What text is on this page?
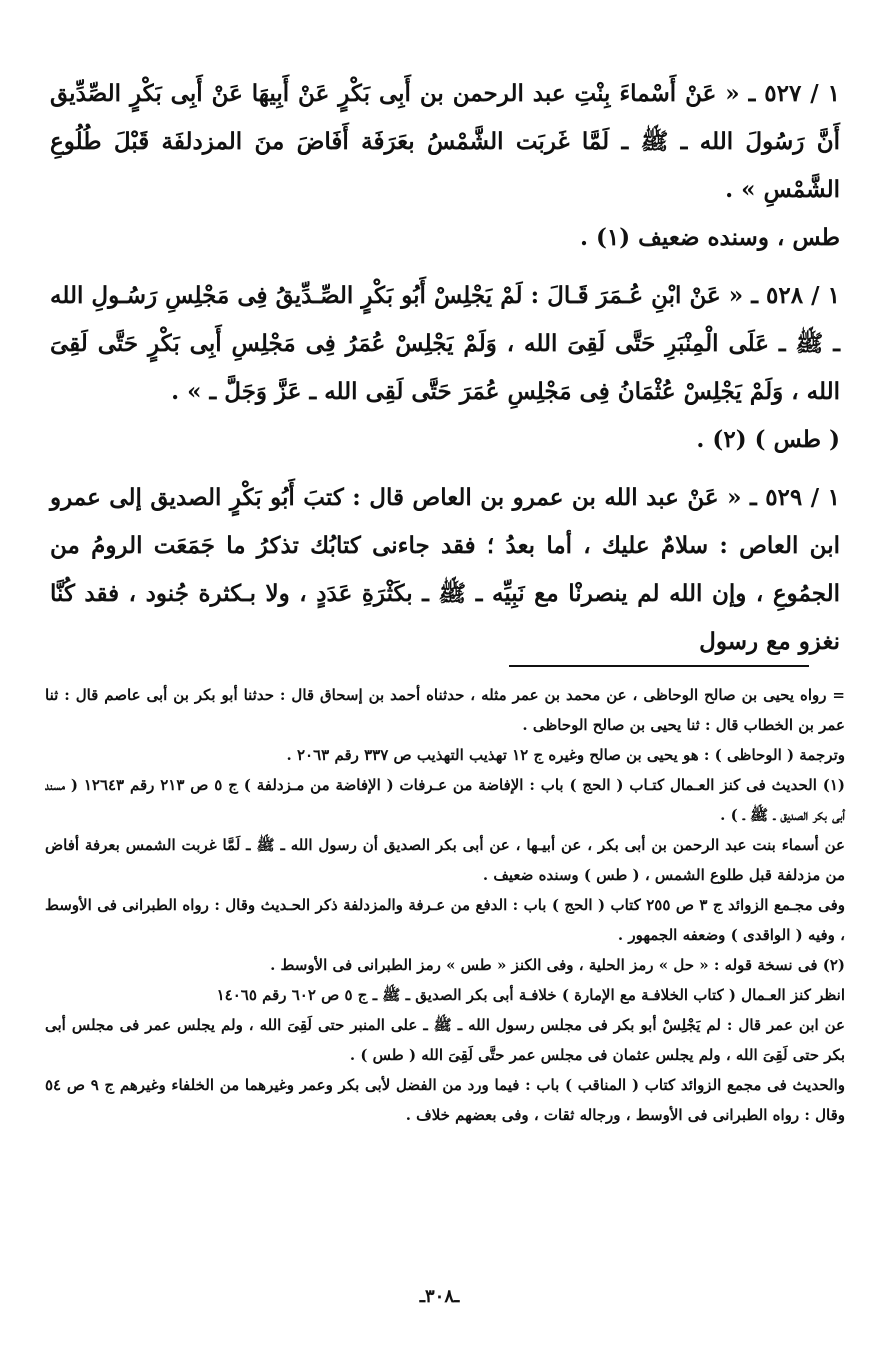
١ / ٥٢٧ ـ « عَنْ أَسْماءَ بِنْتِ عبد الرحمن بن أَبِى بَكْرٍ عَنْ أَبِيهَا عَنْ أَبِى بَكْرٍ الصِّدِّيق أَنَّ رَسُولَ الله ـ ﷺ ـ لَمَّا غَربَت الشَّمْسُ بعَرَفَة أَفَاضَ منَ المزدلفَة قَبْلَ طُلُوعِ الشَّمْسِ » .
طس ، وسنده ضعيف (١) .

١ / ٥٢٨ ـ « عَنْ ابْنِ عُـمَرَ قَـالَ : لَمْ يَجْلِسْ أَبُو بَكْرٍ الصِّـدِّيقُ فِى مَجْلِسِ رَسُـولِ الله ـ ﷺ ـ عَلَى الْمِنْبَرِ حَتَّى لَقِىَ الله ، وَلَمْ يَجْلِسْ عُمَرُ فِى مَجْلِسِ أَبِى بَكْرٍ حَتَّى لَقِىَ الله ، وَلَمْ يَجْلِسْ عُثْمَانُ فِى مَجْلِسِ عُمَرَ حَتَّى لَقِى الله ـ عَزَّ وَجَلَّ ـ » .
( طس ) (٢) .

١ / ٥٢٩ ـ « عَنْ عبد الله بن عمرو بن العاص قال : كتبَ أَبُو بَكْرٍ الصديق إلى عمرو ابن العاص : سلامٌ عليك ، أما بعدُ ؛ فقد جاءنى كتابُك تذكرُ ما جَمَعَت الرومُ من الجمُوعِ ، وإن الله لم ينصرنْا مع نَبِيِّه ـ ﷺ ـ بكَثْرَةِ عَدَدٍ ، ولا بـكثرة جُنود ، فقد كُنَّا نغزو مع رسول

= رواه يحيى بن صالح الوحاظى ، عن محمد بن عمر مثله ، حدثناه أحمد بن إسحاق قال : حدثنا أبو بكر بن أبى عاصم قال : ثنا عمر بن الخطاب قال : ثنا يحيى بن صالح الوحاظى .

وترجمة ( الوحاظى ) : هو يحيى بن صالح وغيره ج ١٢ تهذيب التهذيب ص ٣٣٧ رقم ٢٠٦٣ .

(١) الحديث فى كنز العـمال كتـاب ( الحج ) باب : الإفاضة من عـرفات ( الإفاضة من مـزدلفة ) ج ٥ ص ٢١٣ رقم ١٢٦٤٣ ( مسند أبى بكر الصديق ـ ﷺ ـ ) .

عن أسماء بنت عبد الرحمن بن أبى بكر ، عن أبيـها ، عن أبى بكر الصديق أن رسول الله ـ ﷺ ـ لَمَّا غربت الشمس بعرفة أفاض من مزدلفة قبل طلوع الشمس ، ( طس ) وسنده ضعيف .

وفى مجـمع الزوائد ج ٣ ص ٢٥٥ كتاب ( الحج ) باب : الدفع من عـرفة والمزدلفة ذكر الحـديث وقال : رواه الطبرانى فى الأوسط ، وفيه ( الواقدى ) وضعفه الجمهور .

(٢) فى نسخة قوله : « حل » رمز الحلية ، وفى الكنز « طس » رمز الطبرانى فى الأوسط .

انظر كنز العـمال ( كتاب الخلافـة مع الإمارة ) خلافـة أبى بكر الصديق ـ ﷺ ـ ج ٥ ص ٦٠٢ رقم ١٤٠٦٥

عن ابن عمر قال : لم يَجْلِسْ أبو بكر فى مجلس رسول الله ـ ﷺ ـ على المنبر حتى لَقِىَ الله ، ولم يجلس عمر فى مجلس أبى بكر حتى لَقِىَ الله ، ولم يجلس عثمان فى مجلس عمر حتَّى لَقِىَ الله ( طس ) .

والحديث فى مجمع الزوائد كتاب ( المناقب ) باب : فيما ورد من الفضل لأبى بكر وعمر وغيرهما من الخلفاء وغيرهم ج ٩ ص ٥٤ وقال : رواه الطبرانى فى الأوسط ، ورجاله ثقات ، وفى بعضهم خلاف .

ـ٣٠٨ـ
